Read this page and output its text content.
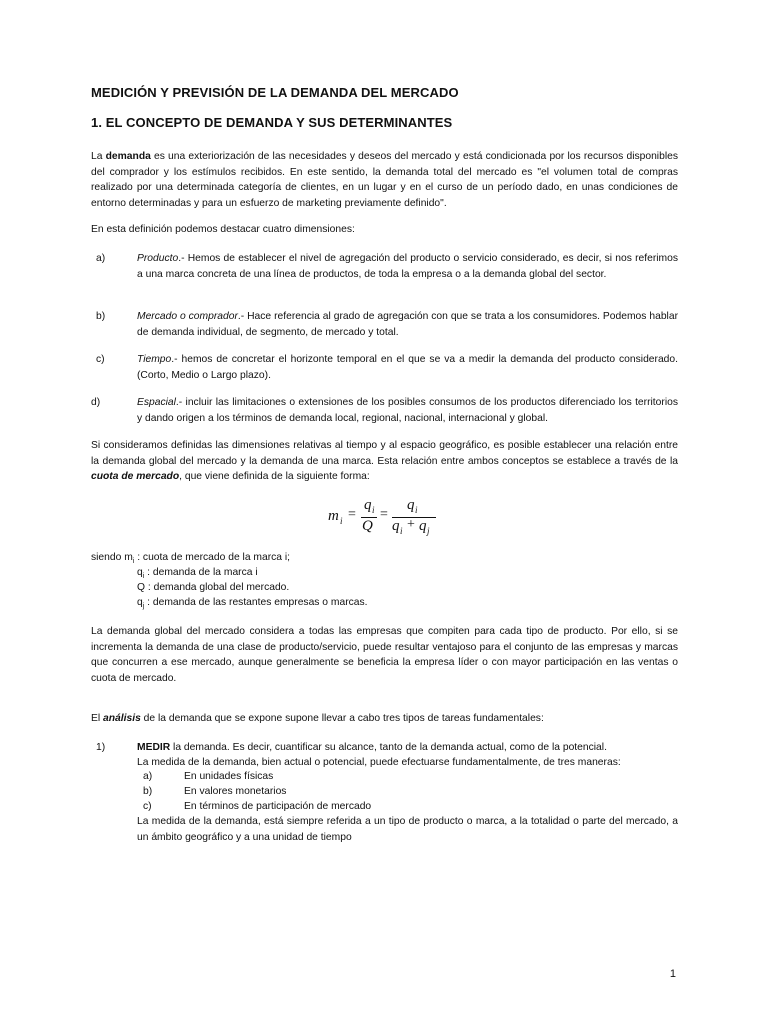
MEDICIÓN Y PREVISIÓN DE LA DEMANDA DEL MERCADO
1. EL CONCEPTO DE DEMANDA Y SUS DETERMINANTES
La demanda es una exteriorización de las necesidades y deseos del mercado y está condicionada por los recursos disponibles del comprador y los estímulos recibidos. En este sentido, la demanda total del mercado es "el volumen total de compras realizado por una determinada categoría de clientes, en un lugar y en el curso de un período dado, en unas condiciones de entorno determinadas y para un esfuerzo de marketing previamente definido".
En esta definición podemos destacar cuatro dimensiones:
a)	Producto.- Hemos de establecer el nivel de agregación del producto o servicio considerado, es decir, si nos referimos a una marca concreta de una línea de productos, de toda la empresa o a la demanda global del sector.
b)	Mercado o comprador.- Hace referencia al grado de agregación con que se trata a los consumidores. Podemos hablar de demanda individual, de segmento, de mercado y total.
c)	Tiempo.- hemos de concretar el horizonte temporal en el que se va a medir la demanda del producto considerado. (Corto, Medio o Largo plazo).
d)	Espacial.- incluir las limitaciones o extensiones de los posibles consumos de los productos diferenciado los territorios y dando origen a los términos de demanda local, regional, nacional, internacional y global.
Si consideramos definidas las dimensiones relativas al tiempo y al espacio geográfico, es posible establecer una relación entre la demanda global del mercado y la demanda de una marca. Esta relación entre ambos conceptos se establece a través de la cuota de mercado, que viene definida de la siguiente forma:
m i =
q i
Q
=
q i
q i + q j
siendo $m_i$ : cuota de mercado de la marca i;
$q_i$ : demanda de la marca i
Q : demanda global del mercado.
$q_j$ : demanda de las restantes empresas o marcas.
La demanda global del mercado considera a todas las empresas que compiten para cada tipo de producto. Por ello, si se incrementa la demanda de una clase de producto/servicio, puede resultar ventajoso para el conjunto de las empresas y marcas que concurren a ese mercado, aunque generalmente se beneficia la empresa líder o con mayor participación en las ventas o cuota de mercado.
El análisis de la demanda que se expone supone llevar a cabo tres tipos de tareas fundamentales:
1)	MEDIR la demanda. Es decir, cuantificar su alcance, tanto de la demanda actual, como de la potencial.
La medida de la demanda, bien actual o potencial, puede efectuarse fundamentalmente, de tres maneras:
a)	En unidades físicas
b)	En valores monetarios
c)	En términos de participación de mercado
La medida de la demanda, está siempre referida a un tipo de producto o marca, a la totalidad o parte del mercado, a un ámbito geográfico y a una unidad de tiempo
1
